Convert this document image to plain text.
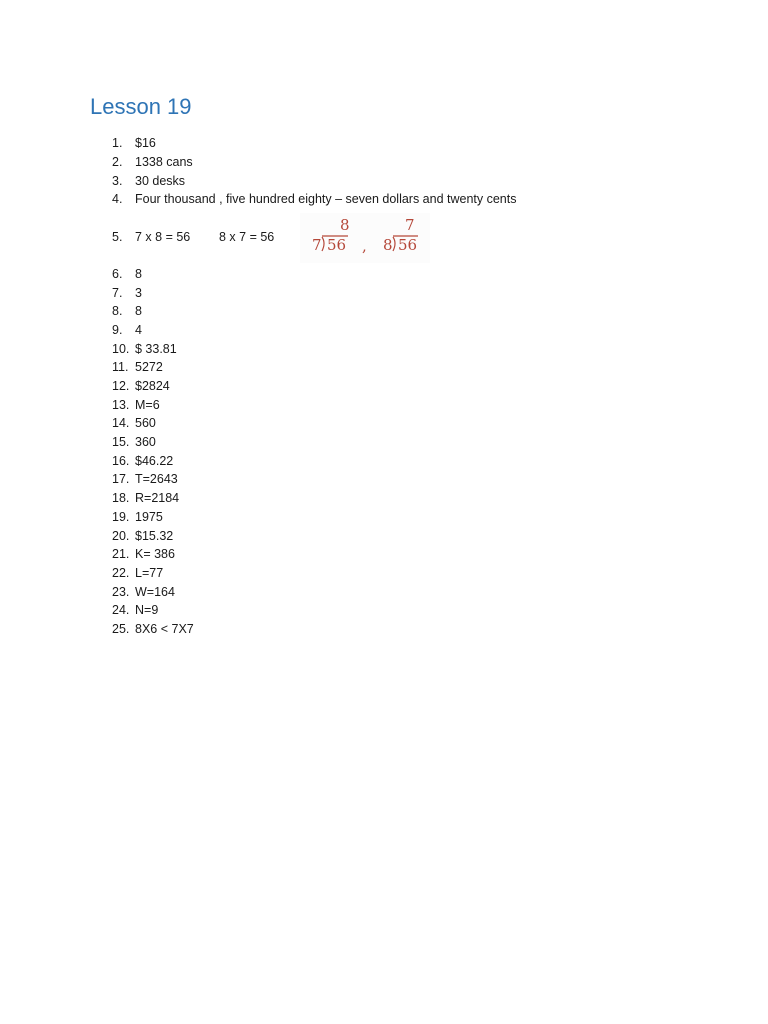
Lesson 19
1.	$16
2.	1338 cans
3.	30 desks
4.	Four thousand , five hundred eighty – seven dollars and twenty cents
5.	7 x 8 = 56 8 x 7 = 56
6.	8
7.	3
8.	8
9.	4
10. $ 33.81
11. 5272
12. $2824
13. M=6
14. 560
15. 360
16. $46.22
17. T=2643
18. R=2184
19. 1975
20. $15.32
21. K= 386
22. L=77
23. W=164
24. N=9
25. 8X6 < 7X7
8
7 56 ,
7
8 56
